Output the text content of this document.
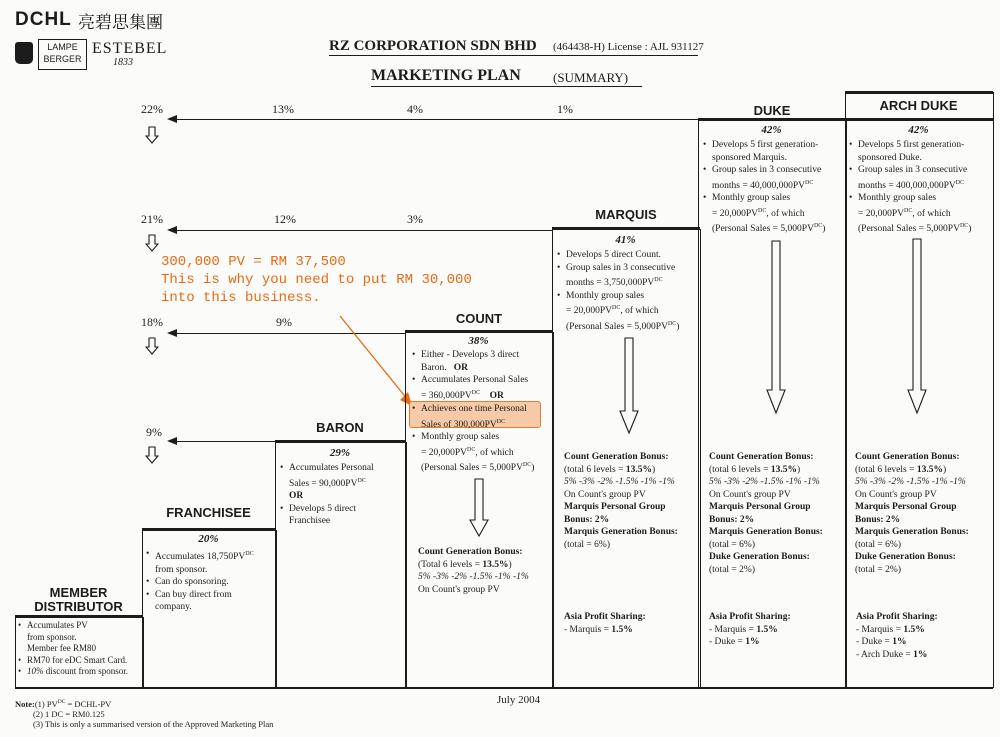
DCHL 亮碧思集團
LAMPE BERGER
ESTEBEL
1833
RZ CORPORATION SDN BHD (464438-H) License : AJL 931127
MARKETING PLAN (SUMMARY)
22%	13%	4%	1%
21%	12%	3%
18%	9%
9%
300,000 PV = RM 37,500
This is why you need to put RM 30,000
into this business.
MEMBER
DISTRIBUTOR
• Accumulates PV
from sponsor.
Member fee RM80
• RM70 for eDC Smart Card.
• 10% discount from sponsor.
FRANCHISEE
20%
• Accumulates $18,750PV^{DC}$
from sponsor.
• Can do sponsoring.
• Can buy direct from
company.
BARON
29%
• Accumulates Personal
Sales = $90,000PV^{DC}$
OR
• Develops 5 direct
Franchisee
COUNT
38%
• Either - Develops 3 direct
Baron. OR
• Accumulates Personal Sales
= $360,000PV^{DC}$ OR
• Achieves one time Personal
Sales of $300,000PV^{DC}$
• Monthly group sales
= $20,000PV^{DC}$, of which
(Personal Sales = $5,000PV^{DC}$)
Count Generation Bonus:
(Total 6 levels = 13.5%)
5% -3% -2% -1.5% -1% -1%
On Count's group PV
MARQUIS
41%
• Develops 5 direct Count.
• Group sales in 3 consecutive
months = $3,750,000PV^{DC}$
• Monthly group sales
= $20,000PV^{DC}$, of which
(Personal Sales = $5,000PV^{DC}$)
Count Generation Bonus:
(total 6 levels = 13.5%)
5% -3% -2% -1.5% -1% -1%
On Count's group PV
Marquis Personal Group
Bonus: 2%
Marquis Generation Bonus:
(total = 6%)
Asia Profit Sharing:
- Marquis = 1.5%
DUKE
42%
• Develops 5 first generation-
sponsored Marquis.
• Group sales in 3 consecutive
months = $40,000,000PV^{DC}$
• Monthly group sales
= $20,000PV^{DC}$, of which
(Personal Sales = $5,000PV^{DC}$)
Count Generation Bonus:
(total 6 levels = 13.5%)
5% -3% -2% -1.5% -1% -1%
On Count's group PV
Marquis Personal Group
Bonus: 2%
Marquis Generation Bonus:
(total = 6%)
Duke Generation Bonus:
(total = 2%)
Asia Profit Sharing:
- Marquis = 1.5%
- Duke = 1%
ARCH DUKE
42%
• Develops 5 first generation-
sponsored Duke.
• Group sales in 3 consecutive
months = $400,000,000PV^{DC}$
• Monthly group sales
= $20,000PV^{DC}$, of which
(Personal Sales = $5,000PV^{DC}$)
Count Generation Bonus:
(total 6 levels = 13.5%)
5% -3% -2% -1.5% -1% -1%
On Count's group PV
Marquis Personal Group
Bonus: 2%
Marquis Generation Bonus:
(total = 6%)
Duke Generation Bonus:
(total = 2%)
Asia Profit Sharing:
- Marquis = 1.5%
- Duke = 1%
- Arch Duke = 1%
Note:(1) $PV^{DC}$ = DCHL-PV
(2) 1 DC = RM0.125
(3) This is only a summarised version of the Approved Marketing Plan
July 2004
